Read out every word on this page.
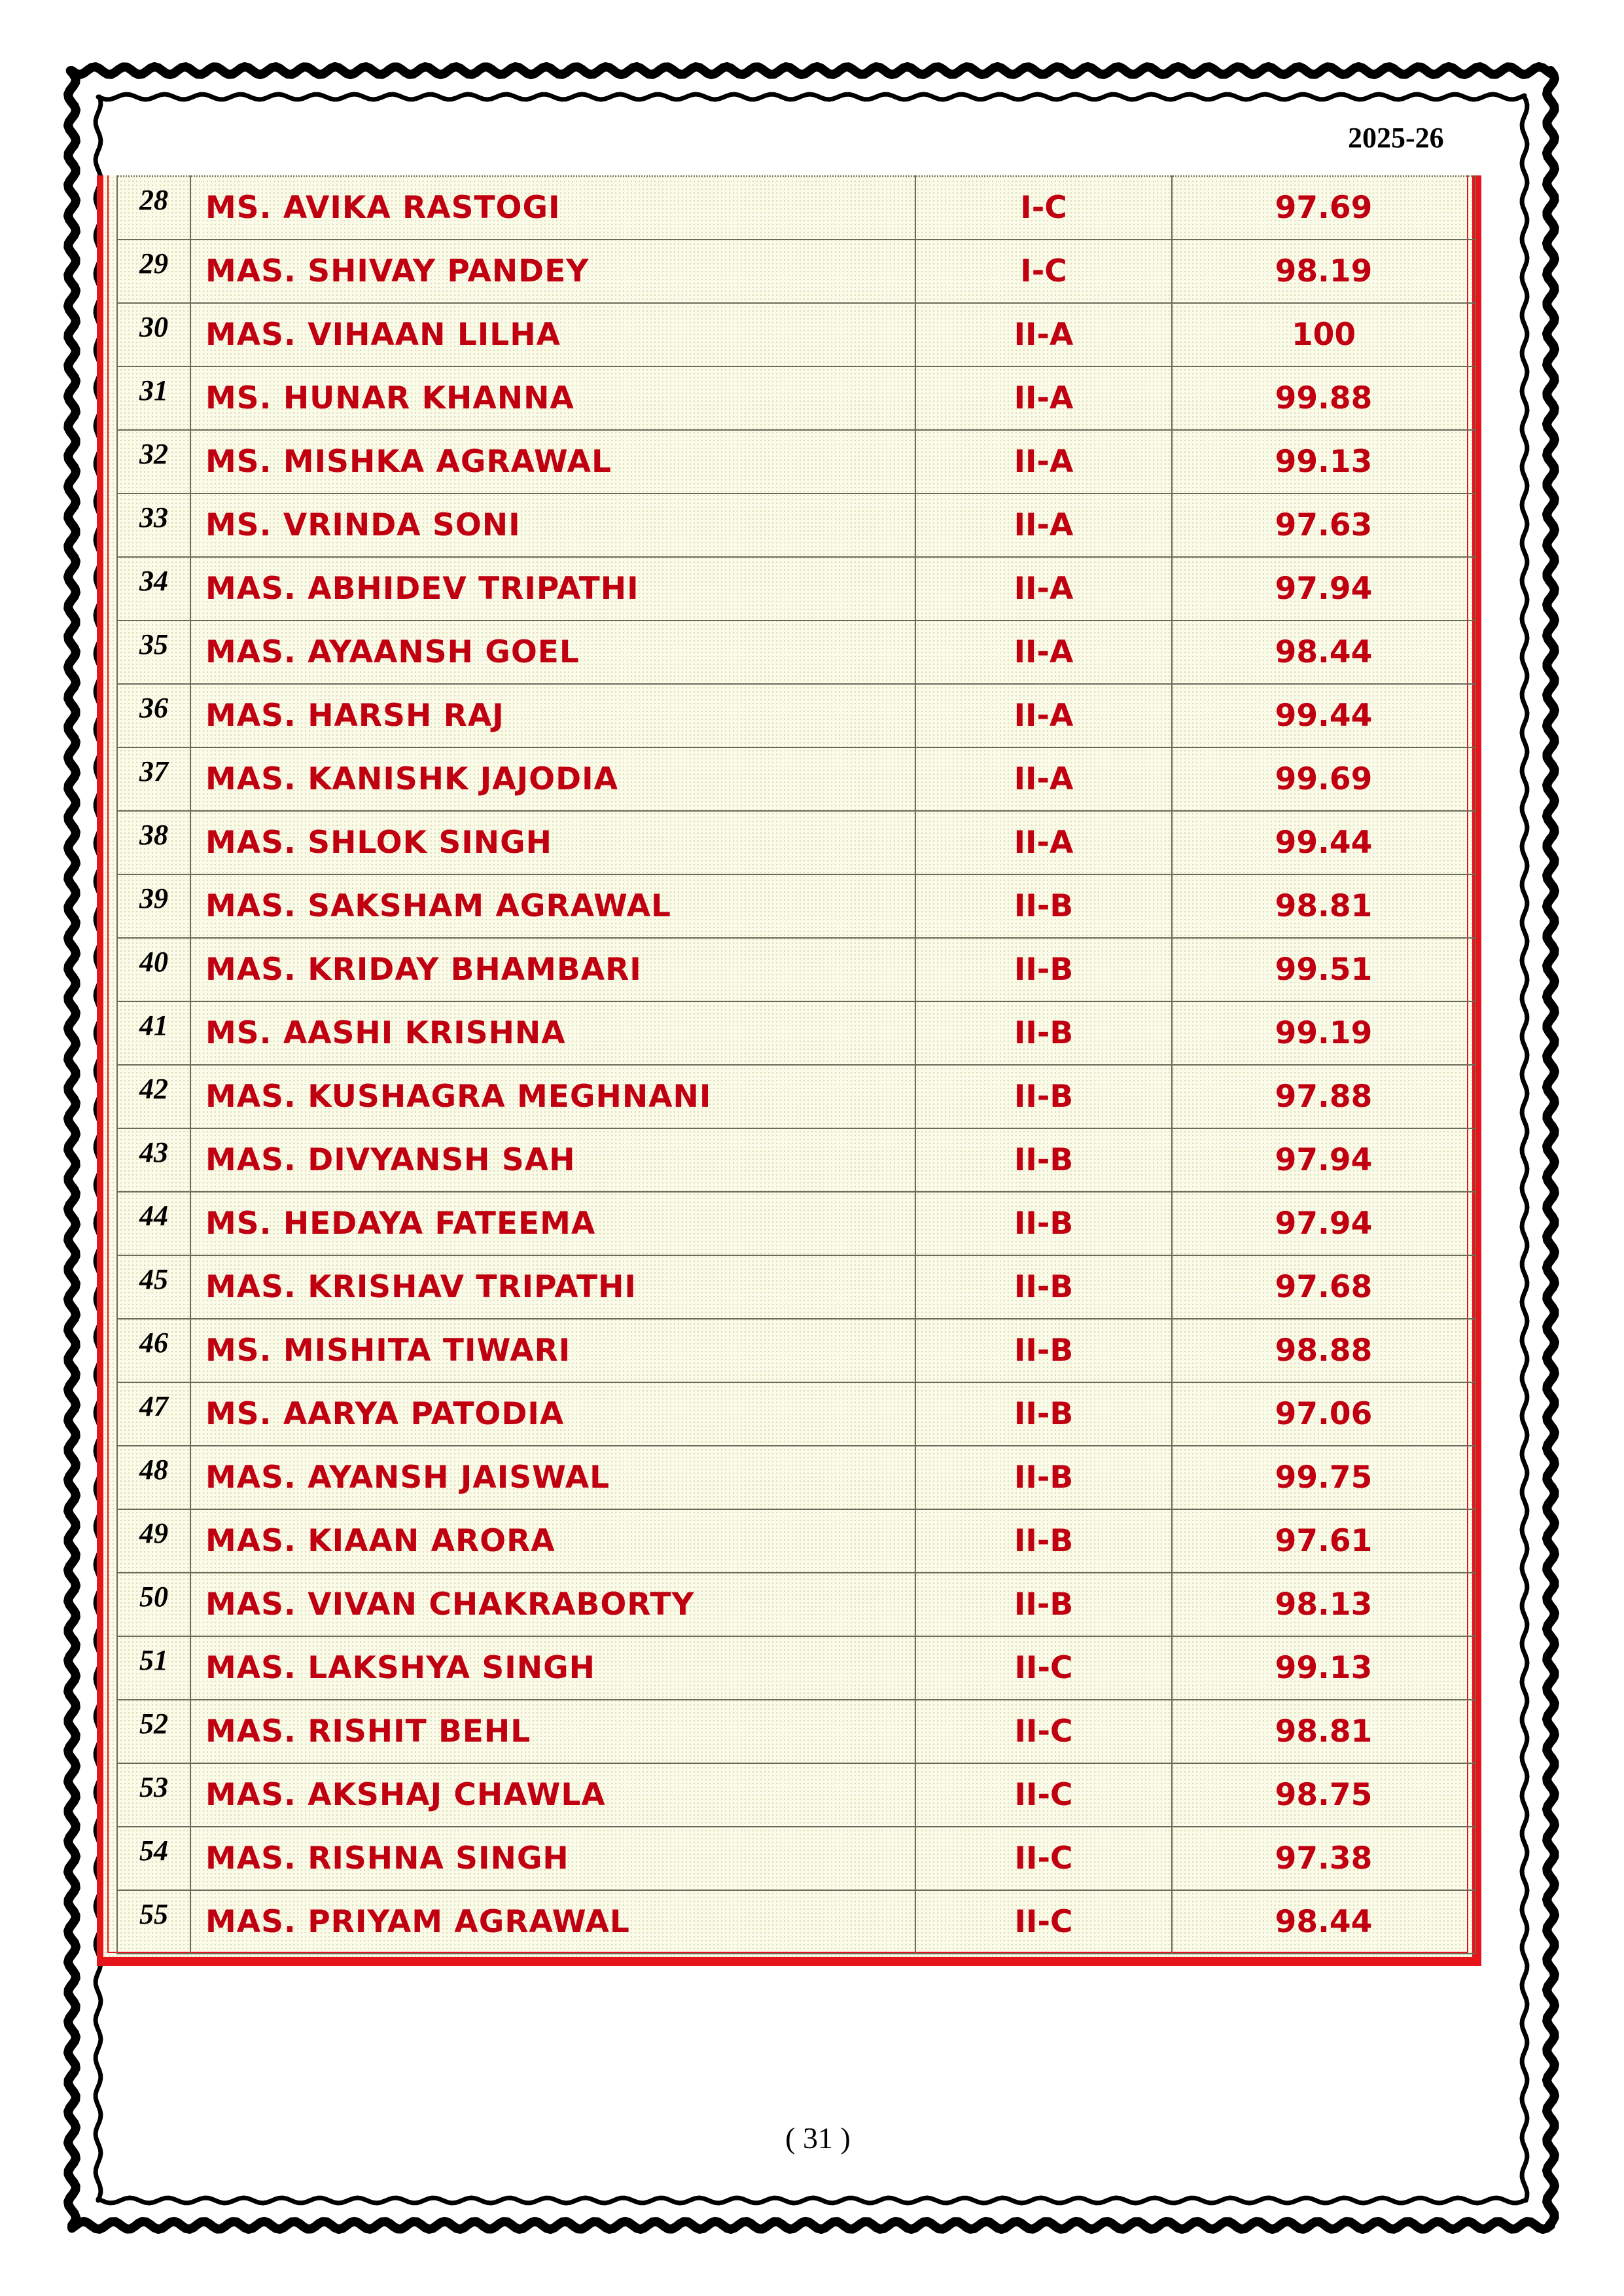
2025-26
28	MS. AVIKA RASTOGI	I-C	97.69
29	MAS. SHIVAY PANDEY	I-C	98.19
30	MAS. VIHAAN LILHA	II-A	100
31	MS. HUNAR KHANNA	II-A	99.88
32	MS. MISHKA AGRAWAL	II-A	99.13
33	MS. VRINDA SONI	II-A	97.63
34	MAS. ABHIDEV TRIPATHI	II-A	97.94
35	MAS. AYAANSH GOEL	II-A	98.44
36	MAS. HARSH RAJ	II-A	99.44
37	MAS. KANISHK JAJODIA	II-A	99.69
38	MAS. SHLOK SINGH	II-A	99.44
39	MAS. SAKSHAM AGRAWAL	II-B	98.81
40	MAS. KRIDAY BHAMBARI	II-B	99.51
41	MS. AASHI KRISHNA	II-B	99.19
42	MAS. KUSHAGRA MEGHNANI	II-B	97.88
43	MAS. DIVYANSH SAH	II-B	97.94
44	MS. HEDAYA FATEEMA	II-B	97.94
45	MAS. KRISHAV TRIPATHI	II-B	97.68
46	MS. MISHITA TIWARI	II-B	98.88
47	MS. AARYA PATODIA	II-B	97.06
48	MAS. AYANSH JAISWAL	II-B	99.75
49	MAS. KIAAN ARORA	II-B	97.61
50	MAS. VIVAN CHAKRABORTY	II-B	98.13
51	MAS. LAKSHYA SINGH	II-C	99.13
52	MAS. RISHIT BEHL	II-C	98.81
53	MAS. AKSHAJ CHAWLA	II-C	98.75
54	MAS. RISHNA SINGH	II-C	97.38
55	MAS. PRIYAM AGRAWAL	II-C	98.44
( 31 )
